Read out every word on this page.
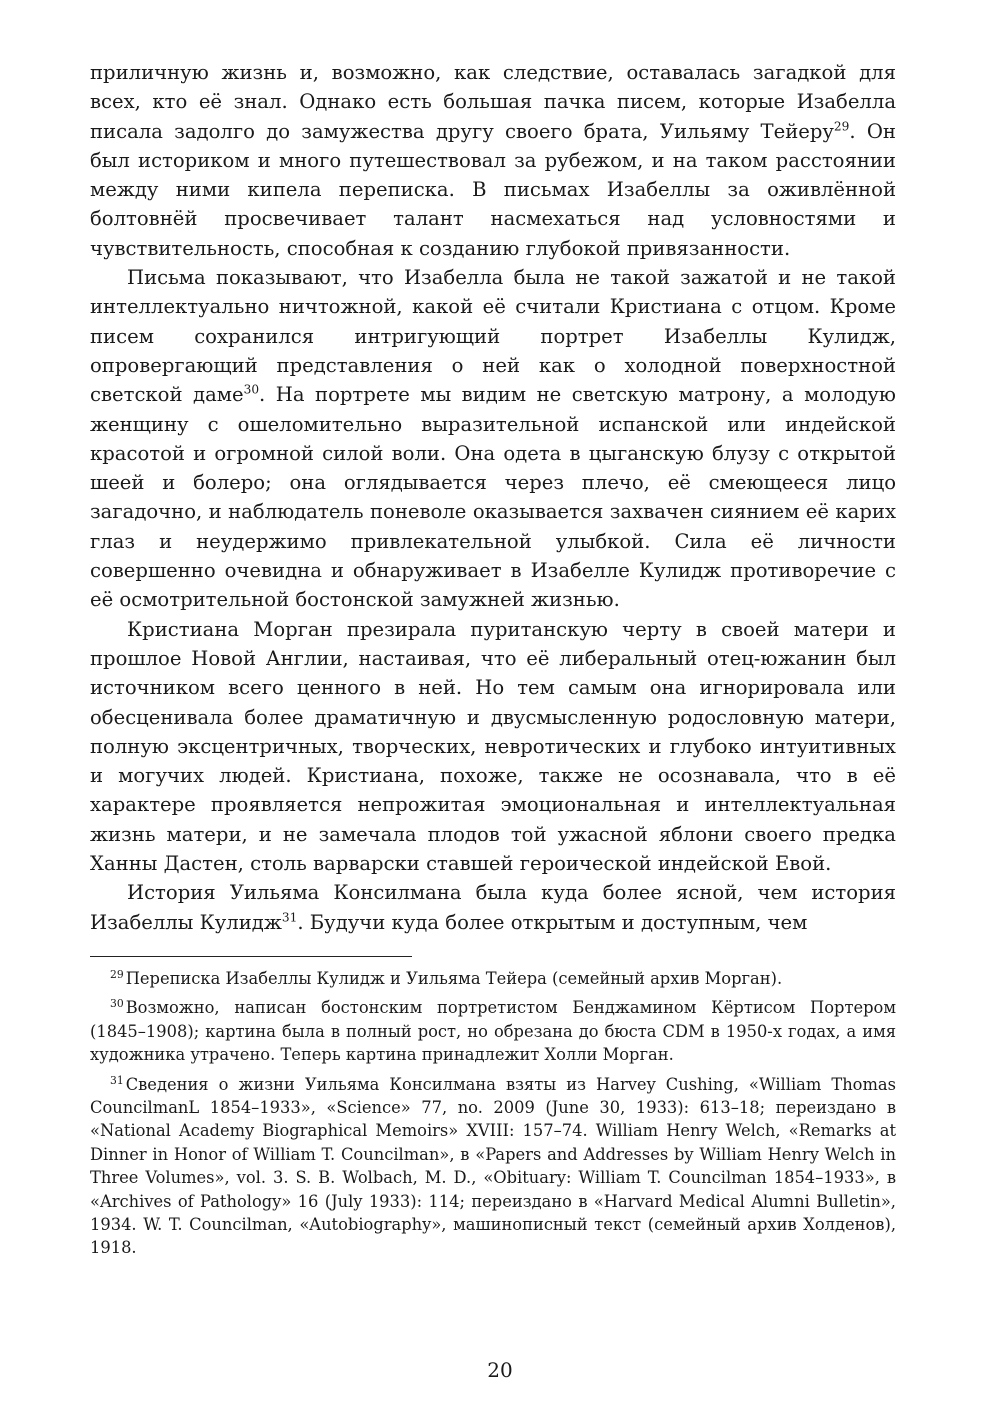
приличную жизнь и, возможно, как следствие, оставалась загадкой для всех, кто её знал. Однако есть большая пачка писем, которые Изабелла писала задолго до замужества другу своего брата, Уильяму Тейеру$^{29}$. Он был историком и много путешествовал за рубежом, и на таком расстоянии между ними кипела переписка. В письмах Изабеллы за оживлённой болтовнёй просвечивает талант насмехаться над условностями и чувствительность, способная к созданию глубокой привязанности.

Письма показывают, что Изабелла была не такой зажатой и не такой интеллектуально ничтожной, какой её считали Кристиана с отцом. Кроме писем сохранился интригующий портрет Изабеллы Кулидж, опровергающий представления о ней как о холодной поверхностной светской даме$^{30}$. На портрете мы видим не светскую матрону, а молодую женщину с ошеломительно выразительной испанской или индейской красотой и огромной силой воли. Она одета в цыганскую блузу с открытой шеей и болеро; она оглядывается через плечо, её смеющееся лицо загадочно, и наблюдатель поневоле оказывается захвачен сиянием её карих глаз и неудержимо привлекательной улыбкой. Сила её личности совершенно очевидна и обнаруживает в Изабелле Кулидж противоречие с её осмотрительной бостонской замужней жизнью.

Кристиана Морган презирала пуританскую черту в своей матери и прошлое Новой Англии, настаивая, что её либеральный отец-южанин был источником всего ценного в ней. Но тем самым она игнорировала или обесценивала более драматичную и двусмысленную родословную матери, полную эксцентричных, творческих, невротических и глубоко интуитивных и могучих людей. Кристиана, похоже, также не осознавала, что в её характере проявляется непрожитая эмоциональная и интеллектуальная жизнь матери, и не замечала плодов той ужасной яблони своего предка Ханны Дастен, столь варварски ставшей героической индейской Евой.

История Уильяма Консилмана была куда более ясной, чем история Изабеллы Кулидж$^{31}$. Будучи куда более открытым и доступным, чем

$^{29}$ Переписка Изабеллы Кулидж и Уильяма Тейера (семейный архив Морган).

$^{30}$ Возможно, написан бостонским портретистом Бенджамином Кёртисом Портером (1845–1908); картина была в полный рост, но обрезана до бюста CDM в 1950-х годах, а имя художника утрачено. Теперь картина принадлежит Холли Морган.

$^{31}$ Сведения о жизни Уильяма Консилмана взяты из Harvey Cushing, «William Thomas CouncilmanL 1854–1933», «Science» 77, no. 2009 (June 30, 1933): 613–18; переиздано в «National Academy Biographical Memoirs» XVIII: 157–74. William Henry Welch, «Remarks at Dinner in Honor of William T. Councilman», в «Papers and Addresses by William Henry Welch in Three Volumes», vol. 3. S. B. Wolbach, M. D., «Obituary: William T. Councilman 1854–1933», в «Archives of Pathology» 16 (July 1933): 114; переиздано в «Harvard Medical Alumni Bulletin», 1934. W. T. Councilman, «Autobiography», машинописный текст (семейный архив Холденов), 1918.

20
